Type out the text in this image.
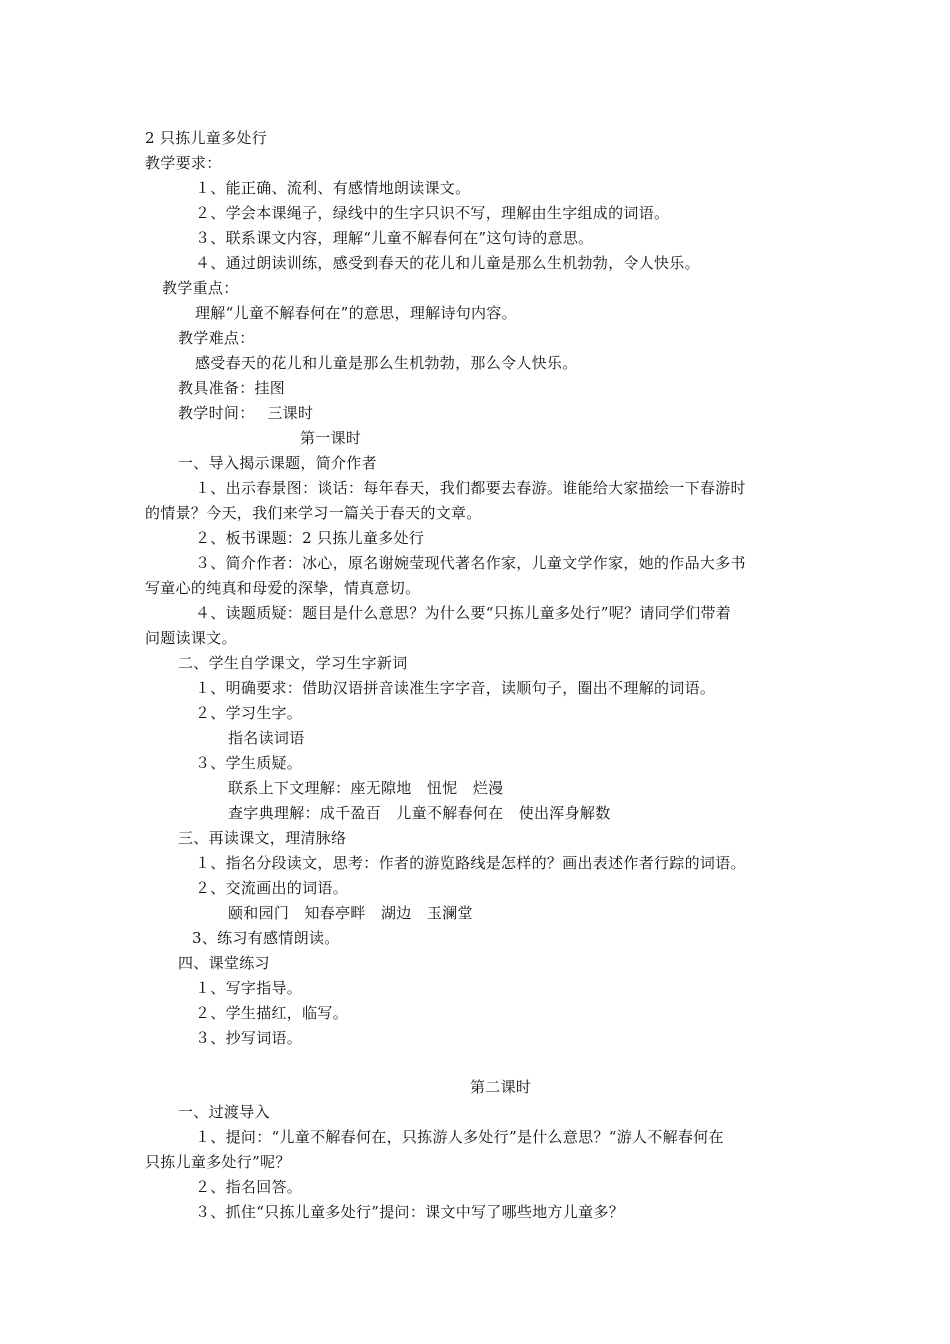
2 只拣儿童多处行
教学要求：
１、能正确、流利、有感情地朗读课文。
２、学会本课绳子，绿线中的生字只识不写，理解由生字组成的词语。
３、联系课文内容，理解“儿童不解春何在”这句诗的意思。
４、通过朗读训练，感受到春天的花儿和儿童是那么生机勃勃，令人快乐。
教学重点：
理解“儿童不解春何在”的意思，理解诗句内容。
教学难点：
感受春天的花儿和儿童是那么生机勃勃，那么令人快乐。
教具准备：挂图
教学时间：　 三课时
第一课时
一、导入揭示课题，简介作者
１、出示春景图：谈话：每年春天，我们都要去春游。谁能给大家描绘一下春游时
的情景？今天，我们来学习一篇关于春天的文章。
２、板书课题：2 只拣儿童多处行
３、简介作者：冰心，原名谢婉莹现代著名作家，儿童文学作家，她的作品大多书
写童心的纯真和母爱的深挚，情真意切。
４、读题质疑：题目是什么意思？为什么要“只拣儿童多处行”呢？请同学们带着
问题读课文。
二、学生自学课文，学习生字新词
１、明确要求：借助汉语拼音读准生字字音，读顺句子，圈出不理解的词语。
２、学习生字。
指名读词语
３、学生质疑。
联系上下文理解：座无隙地　忸怩　烂漫
查字典理解：成千盈百　儿童不解春何在　使出浑身解数
三、再读课文，理清脉络
１、指名分段读文，思考：作者的游览路线是怎样的？画出表述作者行踪的词语。
２、交流画出的词语。
颐和园门　知春亭畔　湖边　玉澜堂
3、练习有感情朗读。
四、课堂练习
１、写字指导。
２、学生描红，临写。
３、抄写词语。
第二课时
一、过渡导入
１、提问：“儿童不解春何在，只拣游人多处行”是什么意思？“游人不解春何在
只拣儿童多处行”呢？
２、指名回答。
３、抓住“只拣儿童多处行”提问：课文中写了哪些地方儿童多？
